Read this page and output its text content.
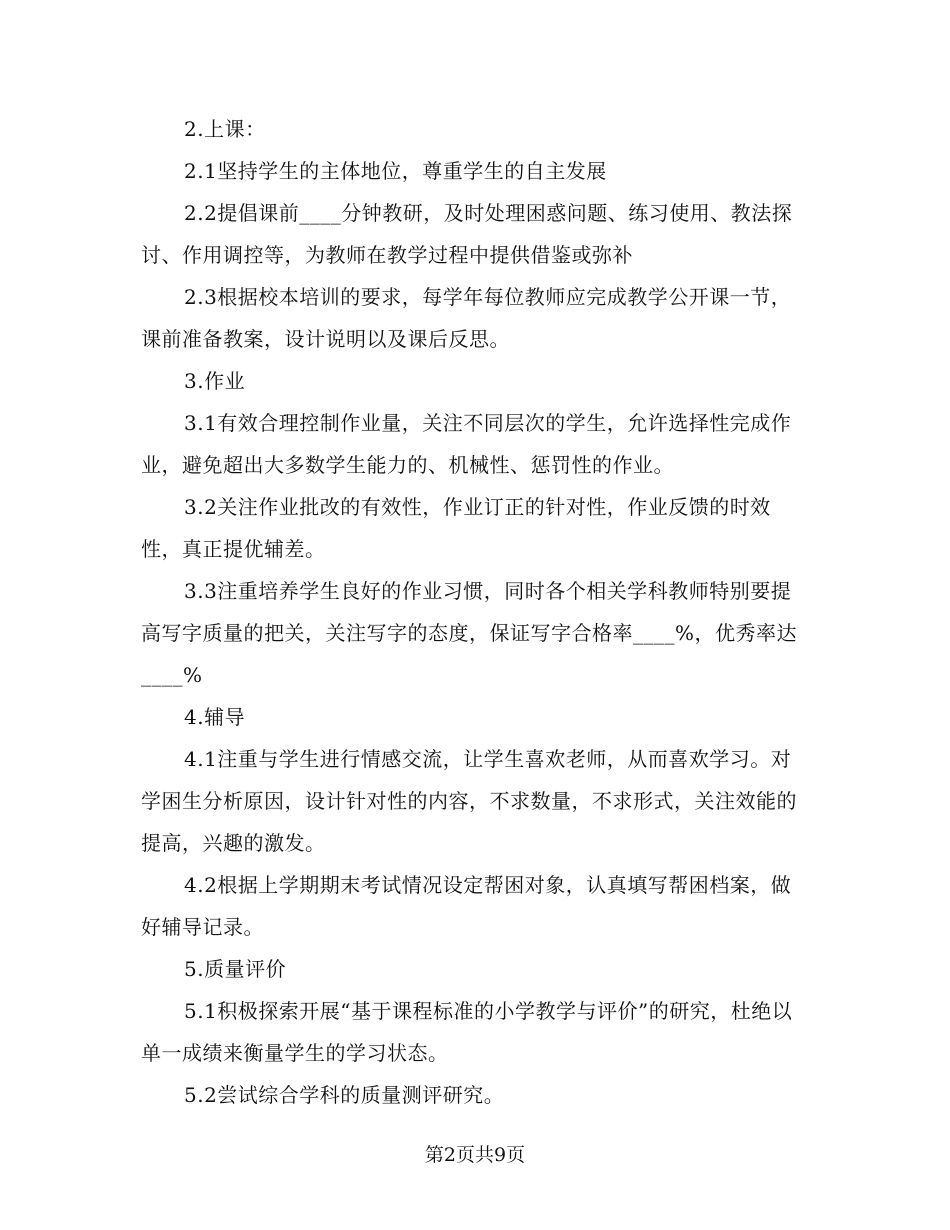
2.上课：

2.1坚持学生的主体地位，尊重学生的自主发展

2.2提倡课前____分钟教研，及时处理困惑问题、练习使用、教法探讨、作用调控等，为教师在教学过程中提供借鉴或弥补

2.3根据校本培训的要求，每学年每位教师应完成教学公开课一节，课前准备教案，设计说明以及课后反思。

3.作业

3.1有效合理控制作业量，关注不同层次的学生，允许选择性完成作业，避免超出大多数学生能力的、机械性、惩罚性的作业。

3.2关注作业批改的有效性，作业订正的针对性，作业反馈的时效性，真正提优辅差。

3.3注重培养学生良好的作业习惯，同时各个相关学科教师特别要提高写字质量的把关，关注写字的态度，保证写字合格率____%，优秀率达____%

4.辅导

4.1注重与学生进行情感交流，让学生喜欢老师，从而喜欢学习。对学困生分析原因，设计针对性的内容，不求数量，不求形式，关注效能的提高，兴趣的激发。

4.2根据上学期期末考试情况设定帮困对象，认真填写帮困档案，做好辅导记录。

5.质量评价

5.1积极探索开展“基于课程标准的小学教学与评价”的研究，杜绝以单一成绩来衡量学生的学习状态。

5.2尝试综合学科的质量测评研究。

第2页共9页
